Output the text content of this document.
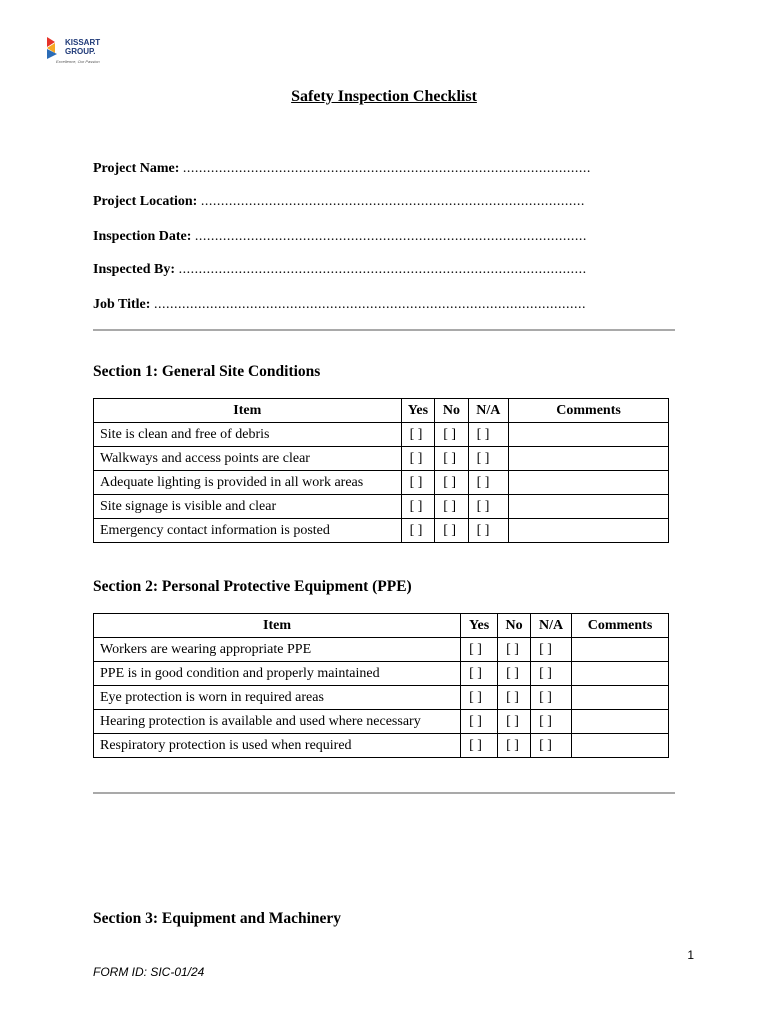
KISSART
GROUP.
Excellence, Our Passion
Safety Inspection Checklist
Project Name: ......................................................................................................
Project Location: ................................................................................................
Inspection Date: ..................................................................................................
Inspected By: ......................................................................................................
Job Title: ............................................................................................................
Section 1: General Site Conditions
Item	Yes	No	N/A	Comments
Site is clean and free of debris	[ ]	[ ]	[ ]	
Walkways and access points are clear	[ ]	[ ]	[ ]	
Adequate lighting is provided in all work areas	[ ]	[ ]	[ ]	
Site signage is visible and clear	[ ]	[ ]	[ ]	
Emergency contact information is posted	[ ]	[ ]	[ ]	
Section 2: Personal Protective Equipment (PPE)
Item	Yes	No	N/A	Comments
Workers are wearing appropriate PPE	[ ]	[ ]	[ ]	
PPE is in good condition and properly maintained	[ ]	[ ]	[ ]	
Eye protection is worn in required areas	[ ]	[ ]	[ ]	
Hearing protection is available and used where necessary	[ ]	[ ]	[ ]	
Respiratory protection is used when required	[ ]	[ ]	[ ]	
Section 3: Equipment and Machinery
1
FORM ID: SIC-01/24
